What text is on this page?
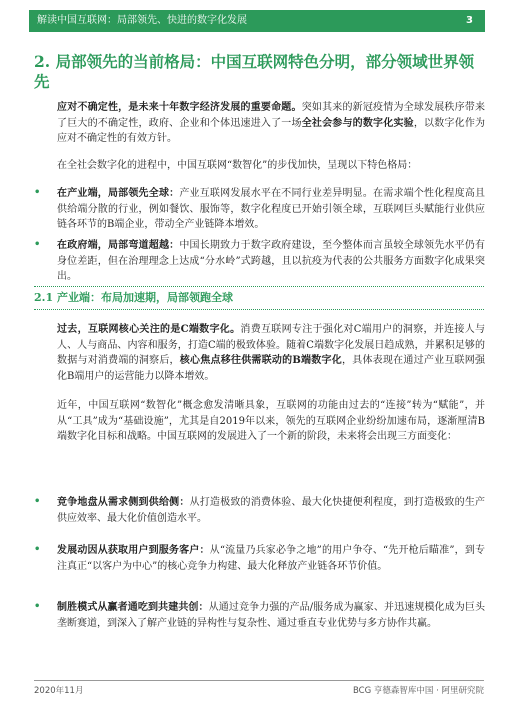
解读中国互联网：局部领先、快进的数字化发展	3
2. 局部领先的当前格局：中国互联网特色分明，部分领域世界领先

应对不确定性，是未来十年数字经济发展的重要命题。突如其来的新冠疫情为全球发展秩序带来了巨大的不确定性，政府、企业和个体迅速进入了一场全社会参与的数字化实验，以数字化作为应对不确定性的有效方针。

在全社会数字化的进程中，中国互联网“数智化”的步伐加快，呈现以下特色格局：

• 在产业端，局部领先全球：产业互联网发展水平在不同行业差异明显。在需求端个性化程度高且供给端分散的行业，例如餐饮、服饰等，数字化程度已开始引领全球，互联网巨头赋能行业供应链各环节的B端企业，带动全产业链降本增效。

• 在政府端，局部弯道超越：中国长期致力于数字政府建设，至今整体而言虽较全球领先水平仍有身位差距，但在治理理念上达成“分水岭”式跨越，且以抗疫为代表的公共服务方面数字化成果突出。

2.1 产业端：布局加速期，局部领跑全球

过去，互联网核心关注的是C端数字化。消费互联网专注于强化对C端用户的洞察，并连接人与人、人与商品、内容和服务，打造C端的极致体验。随着C端数字化发展日趋成熟，并累积足够的数据与对消费端的洞察后，核心焦点移往供需联动的B端数字化，具体表现在通过产业互联网强化B端用户的运营能力以降本增效。

近年，中国互联网“数智化”概念愈发清晰具象，互联网的功能由过去的“连接”转为“赋能”，并从“工具”成为“基础设施”，尤其是自2019年以来，领先的互联网企业纷纷加速布局，逐渐厘清B端数字化目标和战略。中国互联网的发展进入了一个新的阶段，未来将会出现三方面变化：

• 竞争地盘从需求侧到供给侧：从打造极致的消费体验、最大化快捷便利程度，到打造极致的生产供应效率、最大化价值创造水平。

• 发展动因从获取用户到服务客户：从“流量乃兵家必争之地”的用户争夺、“先开枪后瞄准”，到专注真正“以客户为中心”的核心竞争力构建、最大化释放产业链各环节价值。

• 制胜模式从赢者通吃到共建共创：从通过竞争力强的产品/服务成为赢家、并迅速规模化成为巨头垄断赛道，到深入了解产业链的异构性与复杂性、通过垂直专业优势与多方协作共赢。

2020年11月	BCG 亨德森智库中国 · 阿里研究院
